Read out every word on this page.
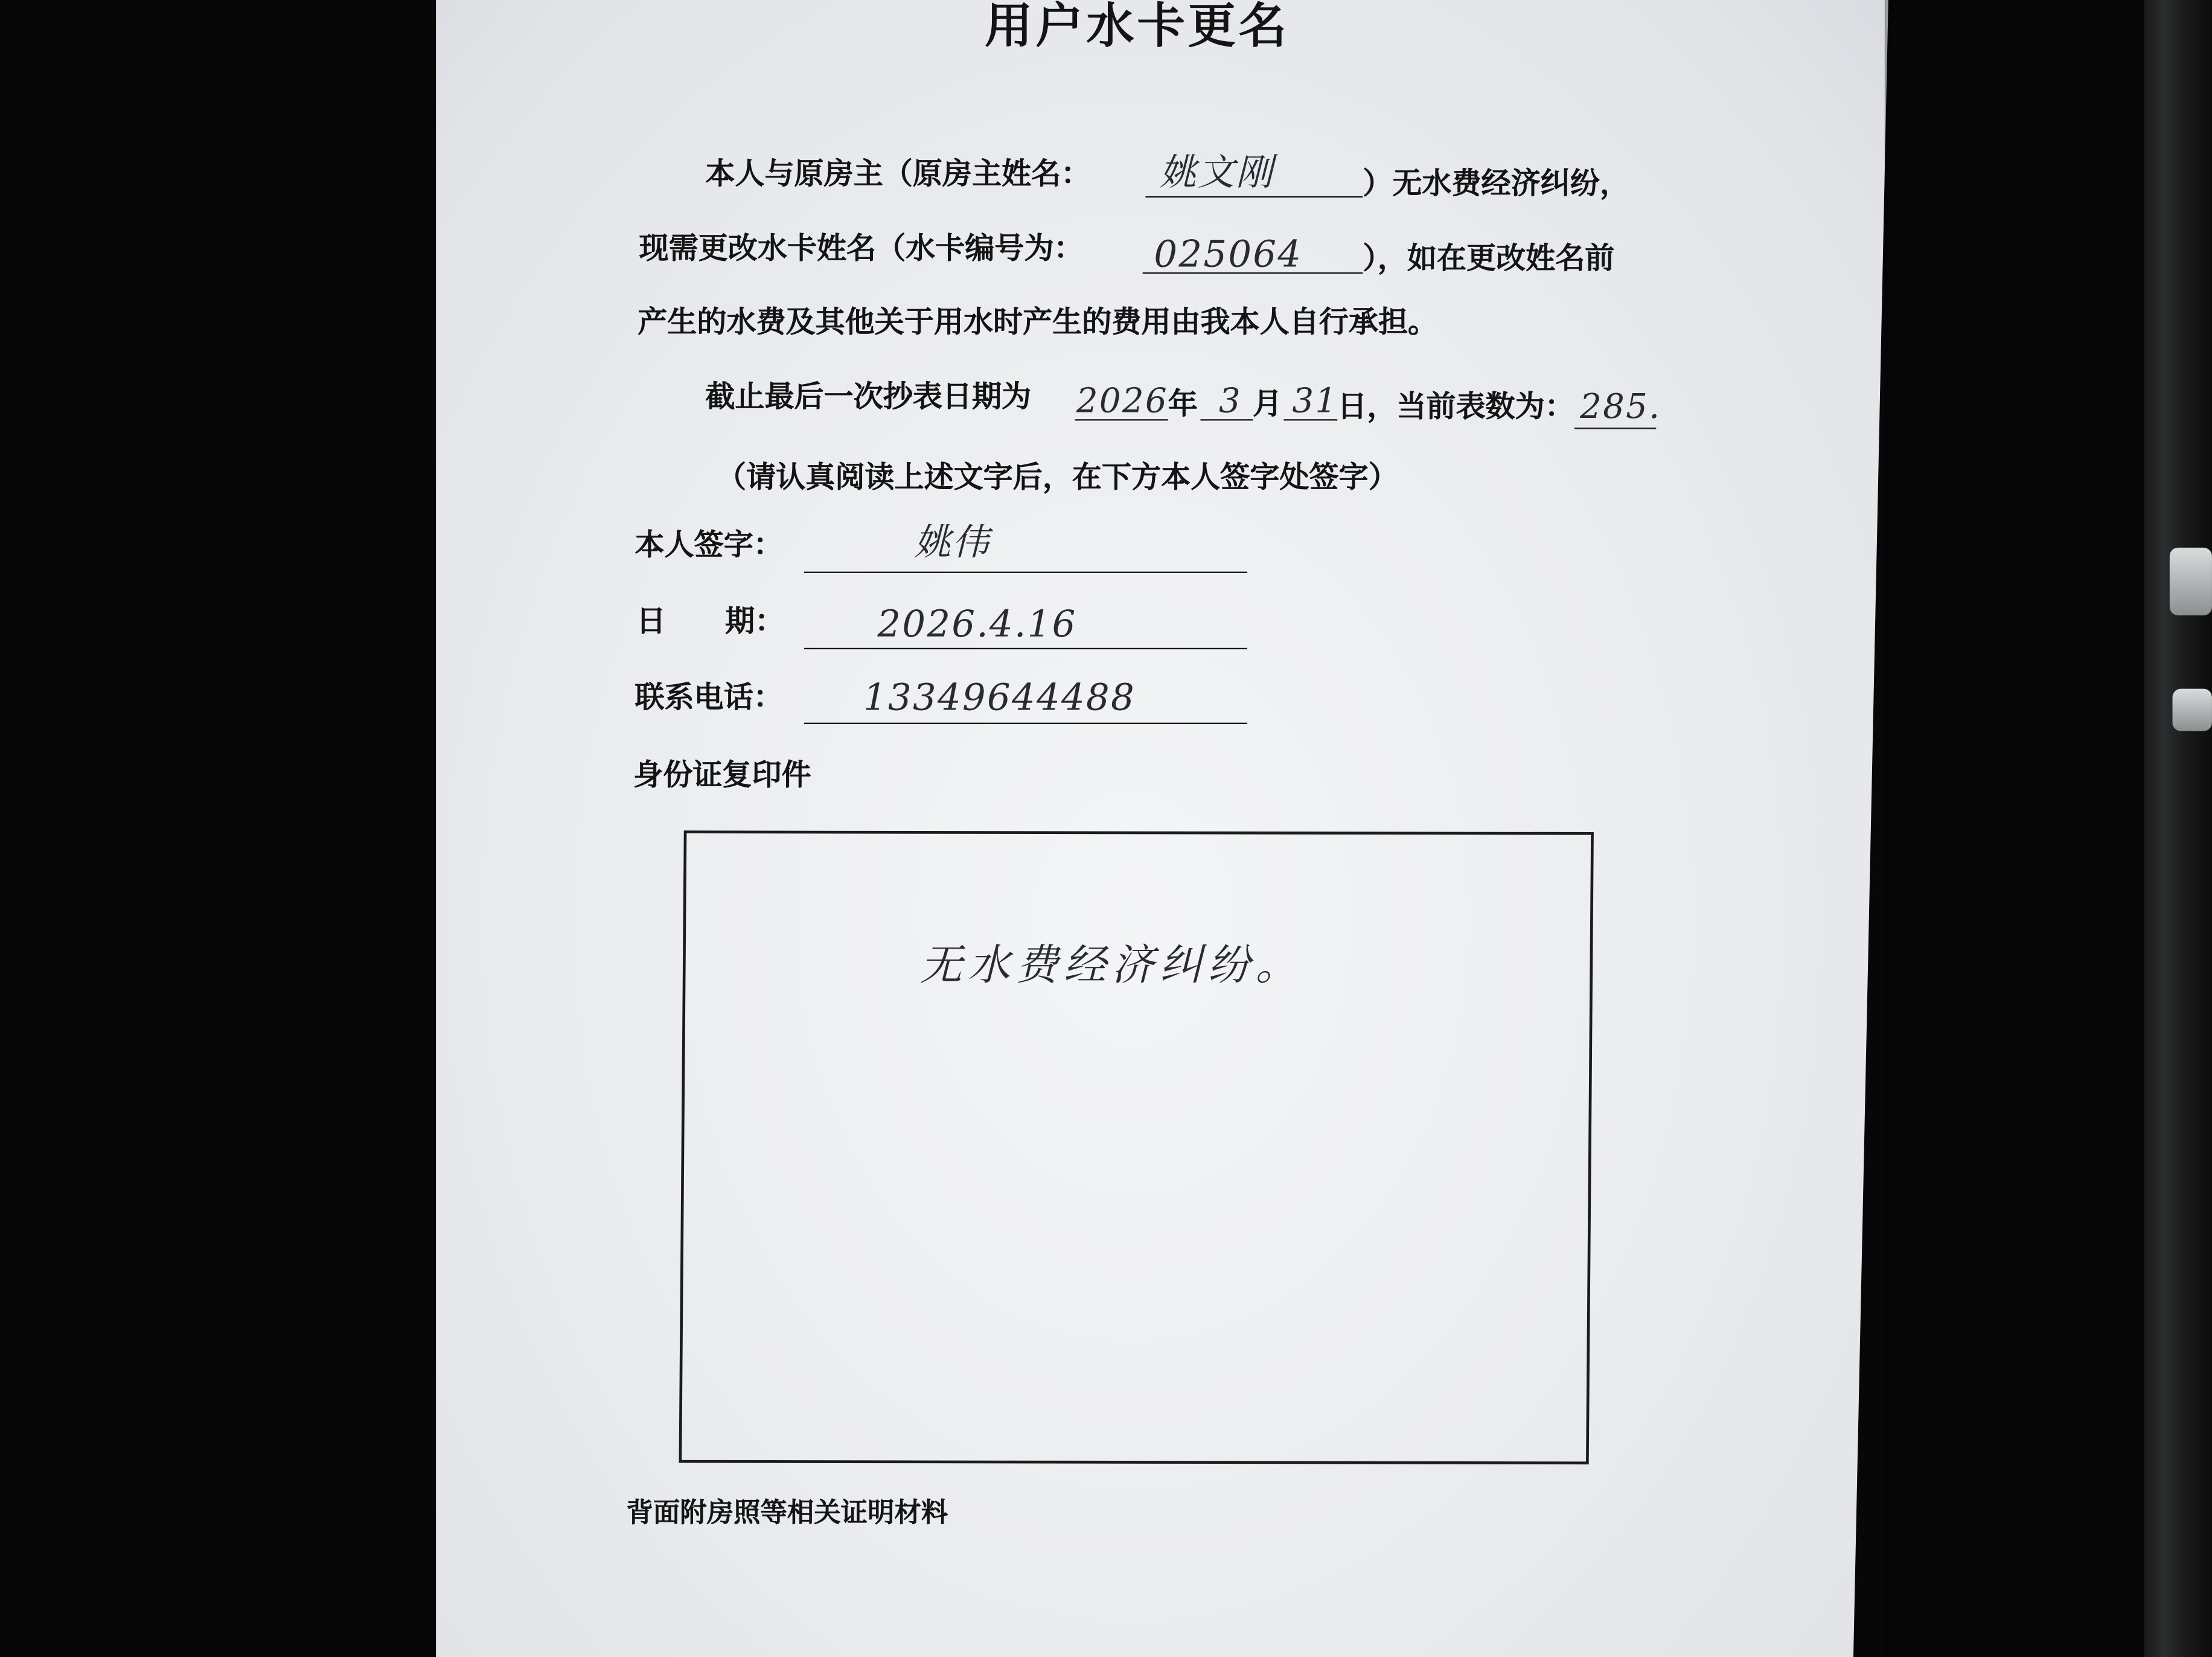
用户水卡更名
本人与原房主（原房主姓名：	姚文刚	）无水费经济纠纷，
现需更改水卡姓名（水卡编号为：	025064	），如在更改姓名前
产生的水费及其他关于用水时产生的费用由我本人自行承担。
截止最后一次抄表日期为	2026 年 3 月 31
日，当前表数为： 285.
（请认真阅读上述文字后，在下方本人签字处签字）
本人签字：	姚伟
日　　期：	2026.4.16
联系电话：	13349644488
身份证复印件
无水费经济纠纷。
背面附房照等相关证明材料
